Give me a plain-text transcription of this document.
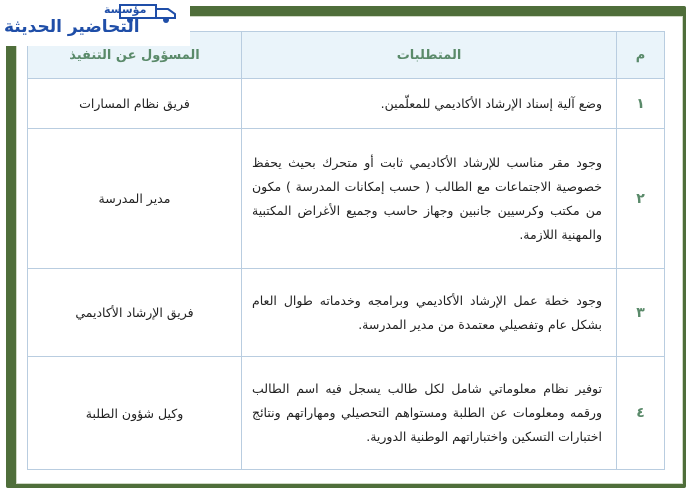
مؤسسة
التحاضير الحديثة
م	المتطلبات	المسؤول عن التنفيذ
١	وضع آلية إسناد الإرشاد الأكاديمي للمعلّمين.	فريق نظام المسارات
٢	وجود مقر مناسب للإرشاد الأكاديمي ثابت أو متحرك بحيث يحفظ خصوصية الاجتماعات مع الطالب ( حسب إمكانات المدرسة ) مكون من مكتب وكرسيين جانبين وجهاز حاسب وجميع الأغراض المكتبية والمهنية اللازمة.	مدير المدرسة
٣	وجود خطة عمل الإرشاد الأكاديمي وبرامجه وخدماته طوال العام بشكل عام وتفصيلي معتمدة من مدير المدرسة.	فريق الإرشاد الأكاديمي
٤	توفير نظام معلوماتي شامل لكل طالب يسجل فيه اسم الطالب ورقمه ومعلومات عن الطلبة ومستواهم التحصيلي ومهاراتهم ونتائج اختبارات التسكين واختباراتهم الوطنية الدورية.	وكيل شؤون الطلبة
